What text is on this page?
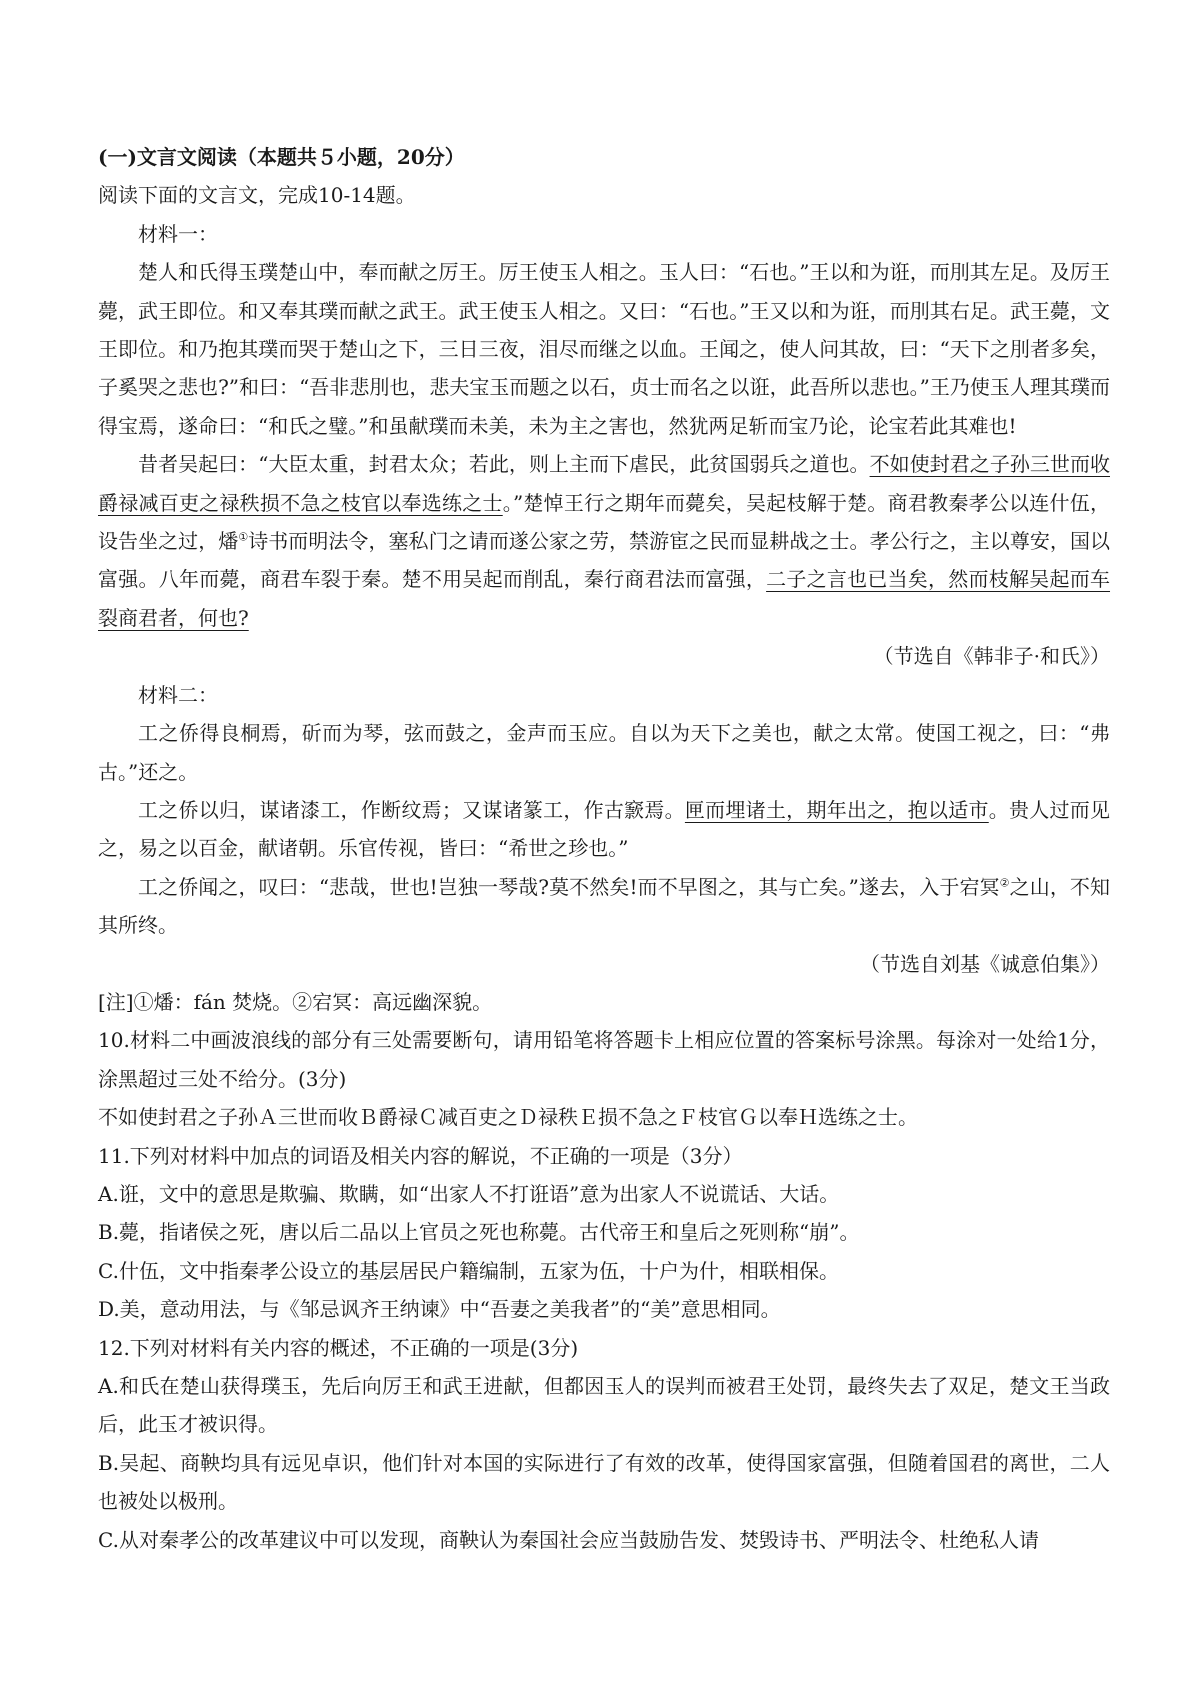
(一)文言文阅读（本题共５小题，20分）

阅读下面的文言文，完成10-14题。

材料一：

楚人和氏得玉璞楚山中，奉而献之厉王。厉王使玉人相之。玉人曰：“石也。”王以和为诳，而刖其左足。及厉王薨，武王即位。和又奉其璞而献之武王。武王使玉人相之。又曰：“石也。”王又以和为诳，而刖其右足。武王薨，文王即位。和乃抱其璞而哭于楚山之下，三日三夜，泪尽而继之以血。王闻之，使人问其故，曰：“天下之刖者多矣，子奚哭之悲也?”和曰：“吾非悲刖也，悲夫宝玉而题之以石，贞士而名之以诳，此吾所以悲也。”王乃使玉人理其璞而得宝焉，遂命曰：“和氏之璧。”和虽献璞而未美，未为主之害也，然犹两足斩而宝乃论，论宝若此其难也!

昔者吴起曰：“大臣太重，封君太众；若此，则上主而下虐民，此贫国弱兵之道也。不如使封君之子孙三世而收爵禄减百吏之禄秩损不急之枝官以奉选练之士。”楚悼王行之期年而薨矣，吴起枝解于楚。商君教秦孝公以连什伍，设告坐之过，燔①诗书而明法令，塞私门之请而遂公家之劳，禁游宦之民而显耕战之士。孝公行之，主以尊安，国以富强。八年而薨，商君车裂于秦。楚不用吴起而削乱，秦行商君法而富强，二子之言也已当矣，然而枝解吴起而车裂商君者，何也?

（节选自《韩非子·和氏》）

材料二：

工之侨得良桐焉，斫而为琴，弦而鼓之，金声而玉应。自以为天下之美也，献之太常。使国工视之，曰：“弗古。”还之。

工之侨以归，谋诸漆工，作断纹焉；又谋诸篆工，作古窾焉。匣而埋诸土，期年出之，抱以适市。贵人过而见之，易之以百金，献诸朝。乐官传视，皆曰：“希世之珍也。”

工之侨闻之，叹曰：“悲哉，世也!岂独一琴哉?莫不然矣!而不早图之，其与亡矣。”遂去，入于宕冥②之山，不知其所终。

（节选自刘基《诚意伯集》）

[注]①燔：fán 焚烧。②宕冥：高远幽深貌。

10.材料二中画波浪线的部分有三处需要断句，请用铅笔将答题卡上相应位置的答案标号涂黑。每涂对一处给1分，涂黑超过三处不给分。(3分)

不如使封君之子孙Ａ三世而收Ｂ爵禄Ｃ减百吏之Ｄ禄秩Ｅ损不急之Ｆ枝官Ｇ以奉Ｈ选练之士。

11.下列对材料中加点的词语及相关内容的解说，不正确的一项是（3分）

A.诳，文中的意思是欺骗、欺瞒，如“出家人不打诳语”意为出家人不说谎话、大话。

B.薨，指诸侯之死，唐以后二品以上官员之死也称薨。古代帝王和皇后之死则称“崩”。

C.什伍，文中指秦孝公设立的基层居民户籍编制，五家为伍，十户为什，相联相保。

D.美，意动用法，与《邹忌讽齐王纳谏》中“吾妻之美我者”的“美”意思相同。

12.下列对材料有关内容的概述，不正确的一项是(3分)

A.和氏在楚山获得璞玉，先后向厉王和武王进献，但都因玉人的误判而被君王处罚，最终失去了双足，楚文王当政后，此玉才被识得。

B.吴起、商鞅均具有远见卓识，他们针对本国的实际进行了有效的改革，使得国家富强，但随着国君的离世，二人也被处以极刑。

C.从对秦孝公的改革建议中可以发现，商鞅认为秦国社会应当鼓励告发、焚毁诗书、严明法令、杜绝私人请
